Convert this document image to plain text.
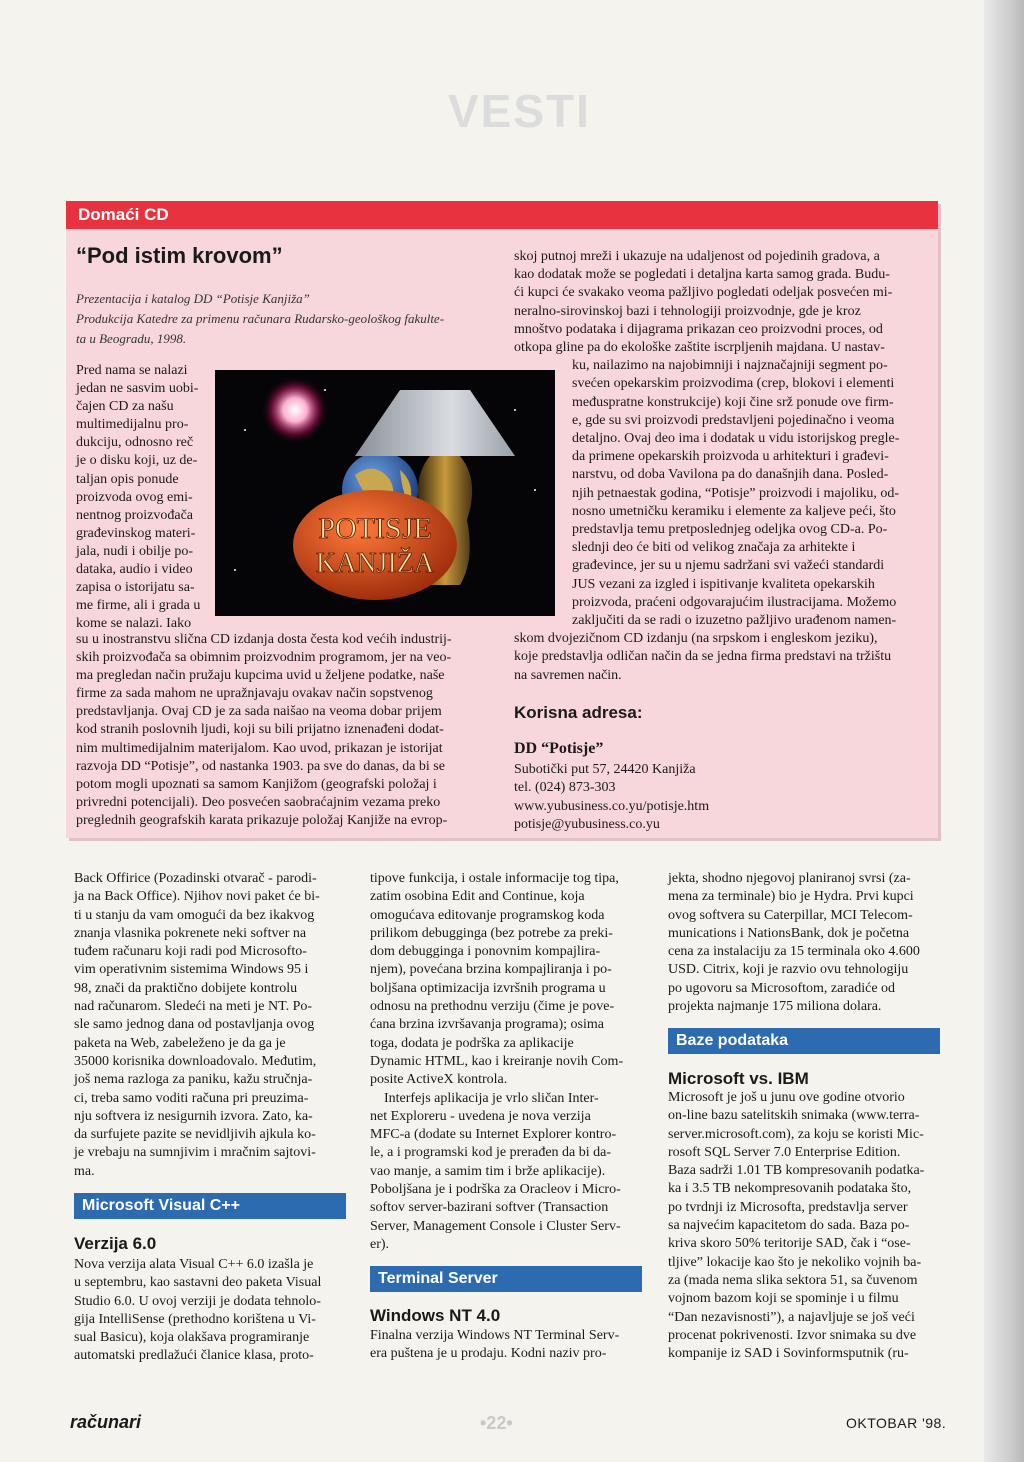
VESTI
Domaći CD
“Pod istim krovom”
Prezentacija i katalog DD “Potisje Kanjiža”
Produkcija Katedre za primenu računara Rudarsko-geološkog fakulte-
ta u Beogradu, 1998.
Pred nama se nalazi
jedan ne sasvim uobi-
čajen CD za našu
multimedijalnu pro-
dukciju, odnosno reč
je o disku koji, uz de-
taljan opis ponude
proizvoda ovog emi-
nentnog proizvođača
građevinskog materi-
jala, nudi i obilje po-
dataka, audio i video
zapisa o istorijatu sa-
me firme, ali i grada u
kome se nalazi. Iako
POTISJE
KANJIŽA
su u inostranstvu slična CD izdanja dosta česta kod većih industrij-
skih proizvođača sa obimnim proizvodnim programom, jer na veo-
ma pregledan način pružaju kupcima uvid u željene podatke, naše
firme za sada mahom ne upražnjavaju ovakav način sopstvenog
predstavljanja. Ovaj CD je za sada naišao na veoma dobar prijem
kod stranih poslovnih ljudi, koji su bili prijatno iznenađeni dodat-
nim multimedijalnim materijalom. Kao uvod, prikazan je istorijat
razvoja DD “Potisje”, od nastanka 1903. pa sve do danas, da bi se
potom mogli upoznati sa samom Kanjižom (geografski položaj i
privredni potencijali). Deo posvećen saobraćajnim vezama preko
preglednih geografskih karata prikazuje položaj Kanjiže na evrop-
skoj putnoj mreži i ukazuje na udaljenost od pojedinih gradova, a
kao dodatak može se pogledati i detaljna karta samog grada. Budu-
ći kupci će svakako veoma pažljivo pogledati odeljak posvećen mi-
neralno-sirovinskoj bazi i tehnologiji proizvodnje, gde je kroz
mnoštvo podataka i dijagrama prikazan ceo proizvodni proces, od
otkopa gline pa do ekološke zaštite iscrpljenih majdana. U nastav-
ku, nailazimo na najobimniji i najznačajniji segment po-
svećen opekarskim proizvodima (crep, blokovi i elementi
međuspratne konstrukcije) koji čine srž ponude ove firm-
e, gde su svi proizvodi predstavljeni pojedinačno i veoma
detaljno. Ovaj deo ima i dodatak u vidu istorijskog pregle-
da primene opekarskih proizvoda u arhitekturi i građevi-
narstvu, od doba Vavilona pa do današnjih dana. Posled-
njih petnaestak godina, “Potisje” proizvodi i majoliku, od-
nosno umetničku keramiku i elemente za kaljeve peći, što
predstavlja temu pretposlednjeg odeljka ovog CD-a. Po-
slednji deo će biti od velikog značaja za arhitekte i
građevince, jer su u njemu sadržani svi važeći standardi
JUS vezani za izgled i ispitivanje kvaliteta opekarskih
proizvoda, praćeni odgovarajućim ilustracijama. Možemo
zaključiti da se radi o izuzetno pažljivo urađenom namen-
skom dvojezičnom CD izdanju (na srpskom i engleskom jeziku),
koje predstavlja odličan način da se jedna firma predstavi na tržištu
na savremen način.
Korisna adresa:
DD “Potisje”
Subotički put 57, 24420 Kanjiža
tel. (024) 873-303
www.yubusiness.co.yu/potisje.htm
potisje@yubusiness.co.yu
Back Offirice (Pozadinski otvarač - parodi-
ja na Back Office). Njihov novi paket će bi-
ti u stanju da vam omogući da bez ikakvog
znanja vlasnika pokrenete neki softver na
tuđem računaru koji radi pod Microsofto-
vim operativnim sistemima Windows 95 i
98, znači da praktično dobijete kontrolu
nad računarom. Sledeći na meti je NT. Po-
sle samo jednog dana od postavljanja ovog
paketa na Web, zabeleženo je da ga je
35000 korisnika downloadovalo. Međutim,
još nema razloga za paniku, kažu stručnja-
ci, treba samo voditi računa pri preuzima-
nju softvera iz nesigurnih izvora. Zato, ka-
da surfujete pazite se nevidljivih ajkula ko-
je vrebaju na sumnjivim i mračnim sajtovi-
ma.
Microsoft Visual C++
Verzija 6.0
Nova verzija alata Visual C++ 6.0 izašla je
u septembru, kao sastavni deo paketa Visual
Studio 6.0. U ovoj verziji je dodata tehnolo-
gija IntelliSense (prethodno korištena u Vi-
sual Basicu), koja olakšava programiranje
automatski predlažući članice klasa, proto-
tipove funkcija, i ostale informacije tog tipa,
zatim osobina Edit and Continue, koja
omogućava editovanje programskog koda
prilikom debugginga (bez potrebe za preki-
dom debugginga i ponovnim kompajlira-
njem), povećana brzina kompajliranja i po-
boljšana optimizacija izvršnih programa u
odnosu na prethodnu verziju (čime je pove-
ćana brzina izvršavanja programa); osima
toga, dodata je podrška za aplikacije
Dynamic HTML, kao i kreiranje novih Com-
posite ActiveX kontrola.
Interfejs aplikacija je vrlo sličan Inter-
net Exploreru - uvedena je nova verzija
MFC-a (dodate su Internet Explorer kontro-
le, a i programski kod je prerađen da bi da-
vao manje, a samim tim i brže aplikacije).
Poboljšana je i podrška za Oracleov i Micro-
softov server-bazirani softver (Transaction
Server, Management Console i Cluster Serv-
er).
Terminal Server
Windows NT 4.0
Finalna verzija Windows NT Terminal Serv-
era puštena je u prodaju. Kodni naziv pro-
jekta, shodno njegovoj planiranoj svrsi (za-
mena za terminale) bio je Hydra. Prvi kupci
ovog softvera su Caterpillar, MCI Telecom-
munications i NationsBank, dok je početna
cena za instalaciju za 15 terminala oko 4.600
USD. Citrix, koji je razvio ovu tehnologiju
po ugovoru sa Microsoftom, zaradiće od
projekta najmanje 175 miliona dolara.
Baze podataka
Microsoft vs. IBM
Microsoft je još u junu ove godine otvorio
on-line bazu satelitskih snimaka (www.terra-
server.microsoft.com), za koju se koristi Mic-
rosoft SQL Server 7.0 Enterprise Edition.
Baza sadrži 1.01 TB kompresovanih podatka-
ka i 3.5 TB nekompresovanih podataka što,
po tvrdnji iz Microsofta, predstavlja server
sa najvećim kapacitetom do sada. Baza po-
kriva skoro 50% teritorije SAD, čak i “ose-
tljive” lokacije kao što je nekoliko vojnih ba-
za (mada nema slika sektora 51, sa čuvenom
vojnom bazom koji se spominje i u filmu
“Dan nezavisnosti”), a najavljuje se još veći
procenat pokrivenosti. Izvor snimaka su dve
kompanije iz SAD i Sovinformsputnik (ru-
računari	•22•	OKTOBAR '98.
